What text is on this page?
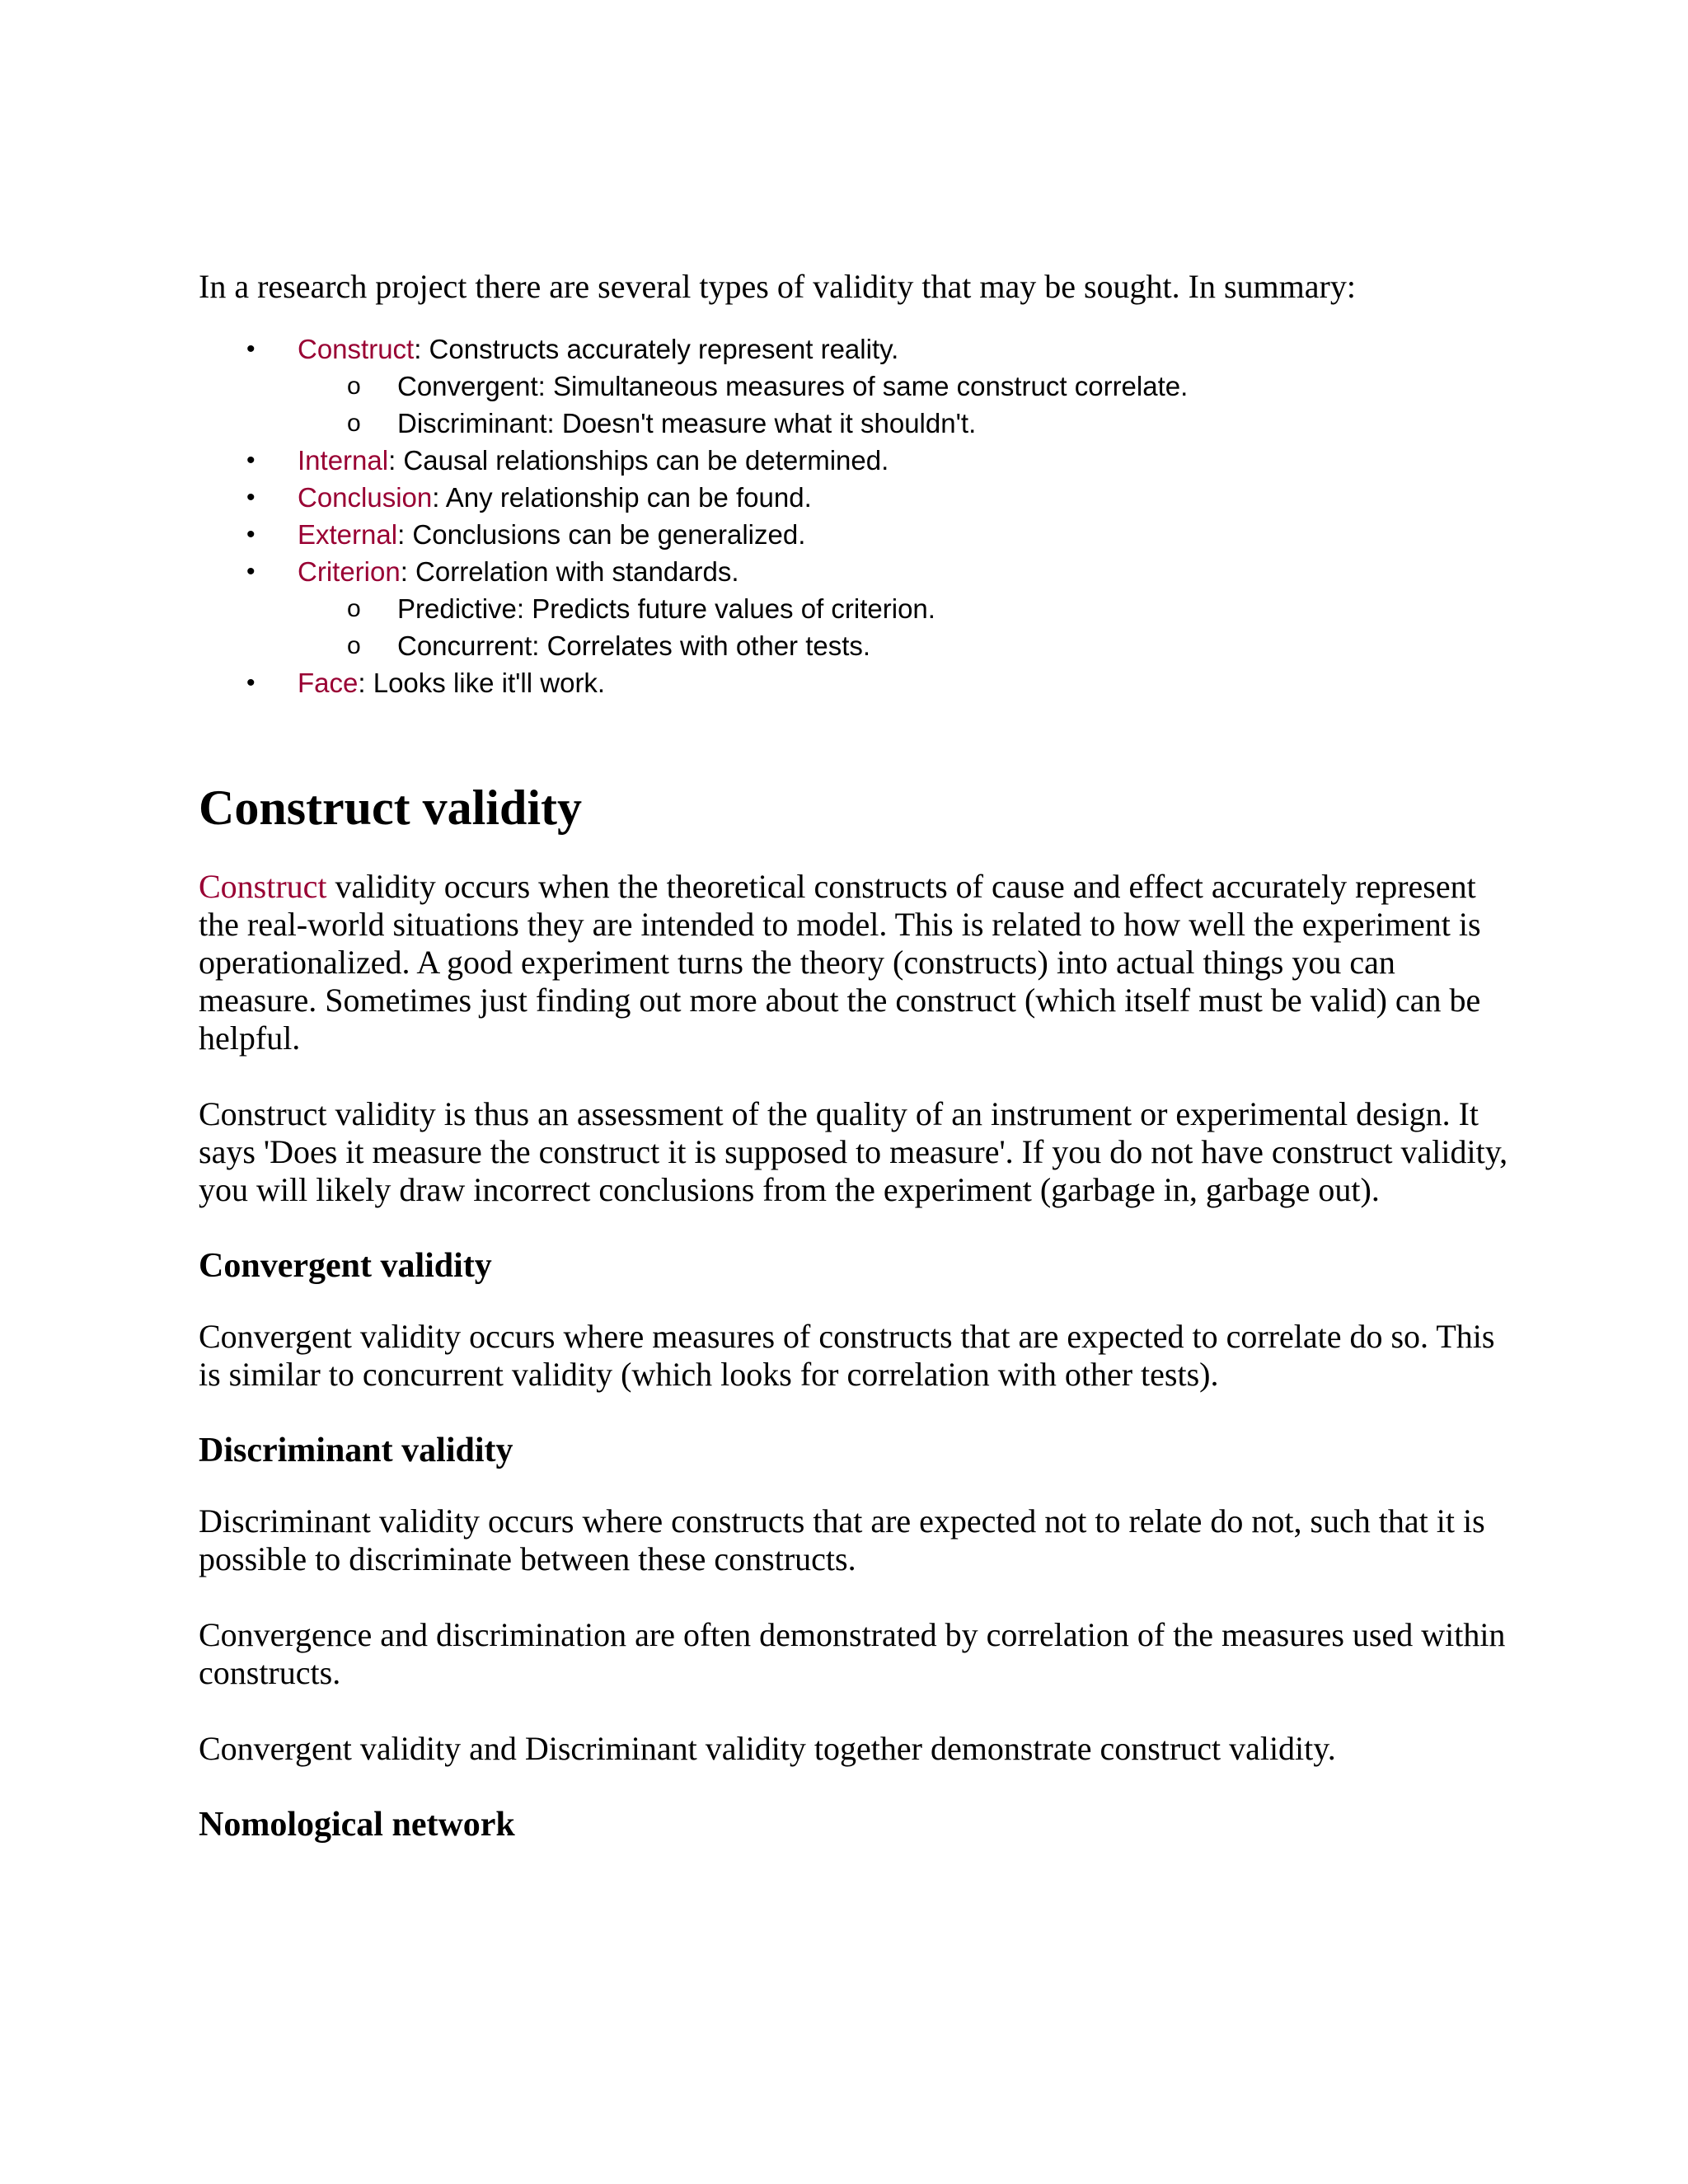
In a research project there are several types of validity that may be sought. In summary:

• Construct: Constructs accurately represent reality.
o Convergent: Simultaneous measures of same construct correlate.
o Discriminant: Doesn't measure what it shouldn't.
• Internal: Causal relationships can be determined.
• Conclusion: Any relationship can be found.
• External: Conclusions can be generalized.
• Criterion: Correlation with standards.
o Predictive: Predicts future values of criterion.
o Concurrent: Correlates with other tests.
• Face: Looks like it'll work.
Construct validity

Construct validity occurs when the theoretical constructs of cause and effect accurately represent the real-world situations they are intended to model. This is related to how well the experiment is operationalized. A good experiment turns the theory (constructs) into actual things you can measure. Sometimes just finding out more about the construct (which itself must be valid) can be helpful.

Construct validity is thus an assessment of the quality of an instrument or experimental design. It says 'Does it measure the construct it is supposed to measure'. If you do not have construct validity, you will likely draw incorrect conclusions from the experiment (garbage in, garbage out).

Convergent validity

Convergent validity occurs where measures of constructs that are expected to correlate do so. This is similar to concurrent validity (which looks for correlation with other tests).

Discriminant validity

Discriminant validity occurs where constructs that are expected not to relate do not, such that it is possible to discriminate between these constructs.

Convergence and discrimination are often demonstrated by correlation of the measures used within constructs.

Convergent validity and Discriminant validity together demonstrate construct validity.

Nomological network
